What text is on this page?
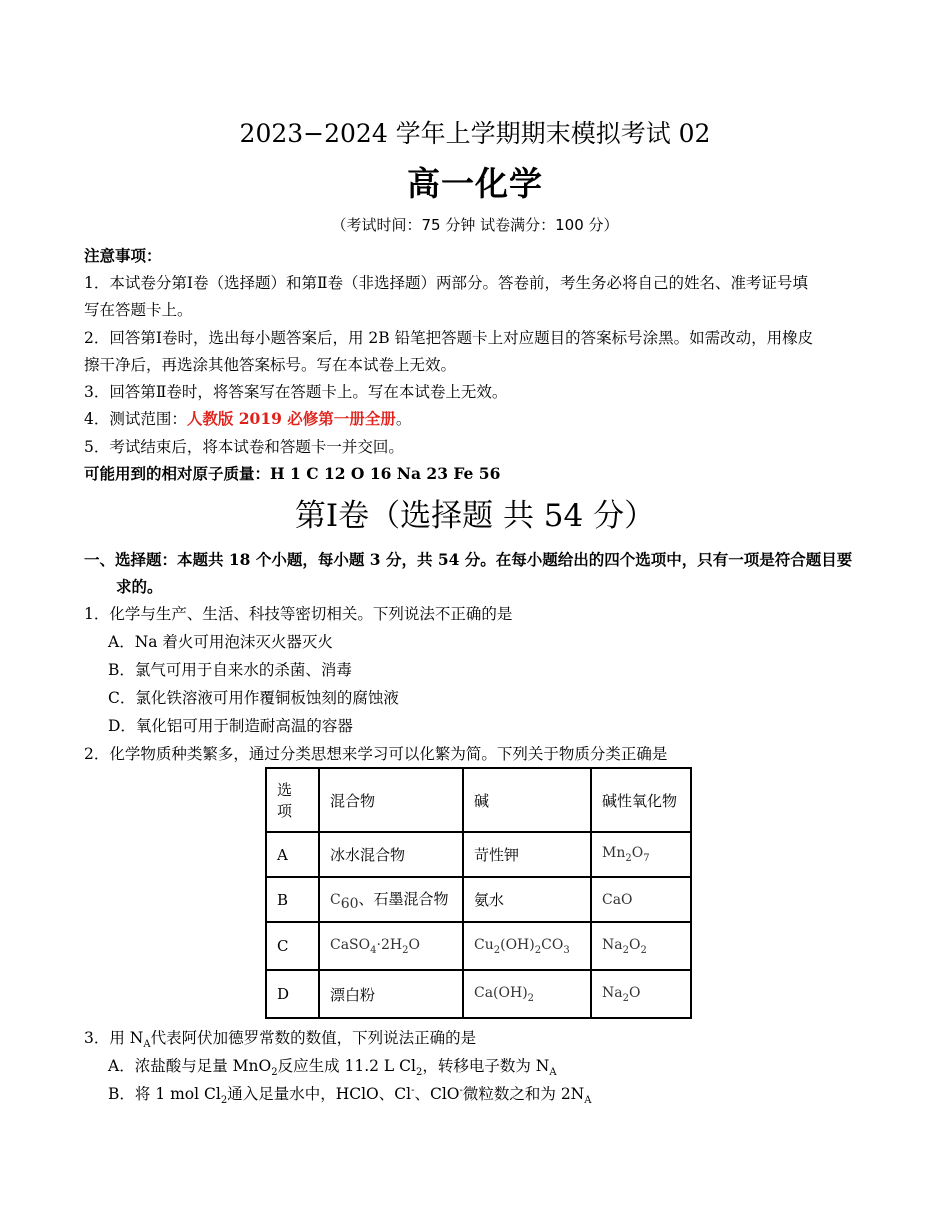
2023−2024 学年上学期期末模拟考试 02
高一化学
（考试时间：75 分钟 试卷满分：100 分）
注意事项：
1．本试卷分第Ⅰ卷（选择题）和第Ⅱ卷（非选择题）两部分。答卷前，考生务必将自己的姓名、准考证号填
写在答题卡上。
2．回答第Ⅰ卷时，选出每小题答案后，用 2B 铅笔把答题卡上对应题目的答案标号涂黑。如需改动，用橡皮
擦干净后，再选涂其他答案标号。写在本试卷上无效。
3．回答第Ⅱ卷时，将答案写在答题卡上。写在本试卷上无效。
4．测试范围：人教版 2019 必修第一册全册。
5．考试结束后，将本试卷和答题卡一并交回。
可能用到的相对原子质量：H 1 C 12 O 16 Na 23 Fe 56
第Ⅰ卷（选择题 共 54 分）
一、选择题：本题共 18 个小题，每小题 3 分，共 54 分。在每小题给出的四个选项中，只有一项是符合题目要
求的。
1．化学与生产、生活、科技等密切相关。下列说法不正确的是
A．Na 着火可用泡沫灭火器灭火
B．氯气可用于自来水的杀菌、消毒
C．氯化铁溶液可用作覆铜板蚀刻的腐蚀液
D．氧化铝可用于制造耐高温的容器
2．化学物质种类繁多，通过分类思想来学习可以化繁为简。下列关于物质分类正确是
选
项	混合物	碱	碱性氧化物
A	冰水混合物	苛性钾	$Mn_2O_7$
B	$C_{60}$、石墨混合物	氨水	CaO
C	$CaSO_4\cdot 2H_2O$	$Cu_2(OH)_2CO_3$	$Na_2O_2$
D	漂白粉	$Ca(OH)_2$	$Na_2O$
3．用 $N_A$代表阿伏加德罗常数的数值，下列说法正确的是
A．浓盐酸与足量 MnO$_2$反应生成 11.2 L $Cl_2$，转移电子数为 $N_A$
B．将 1 mol $Cl_2$通入足量水中，HClO、Cl-、ClO-微粒数之和为 $2N_A$
